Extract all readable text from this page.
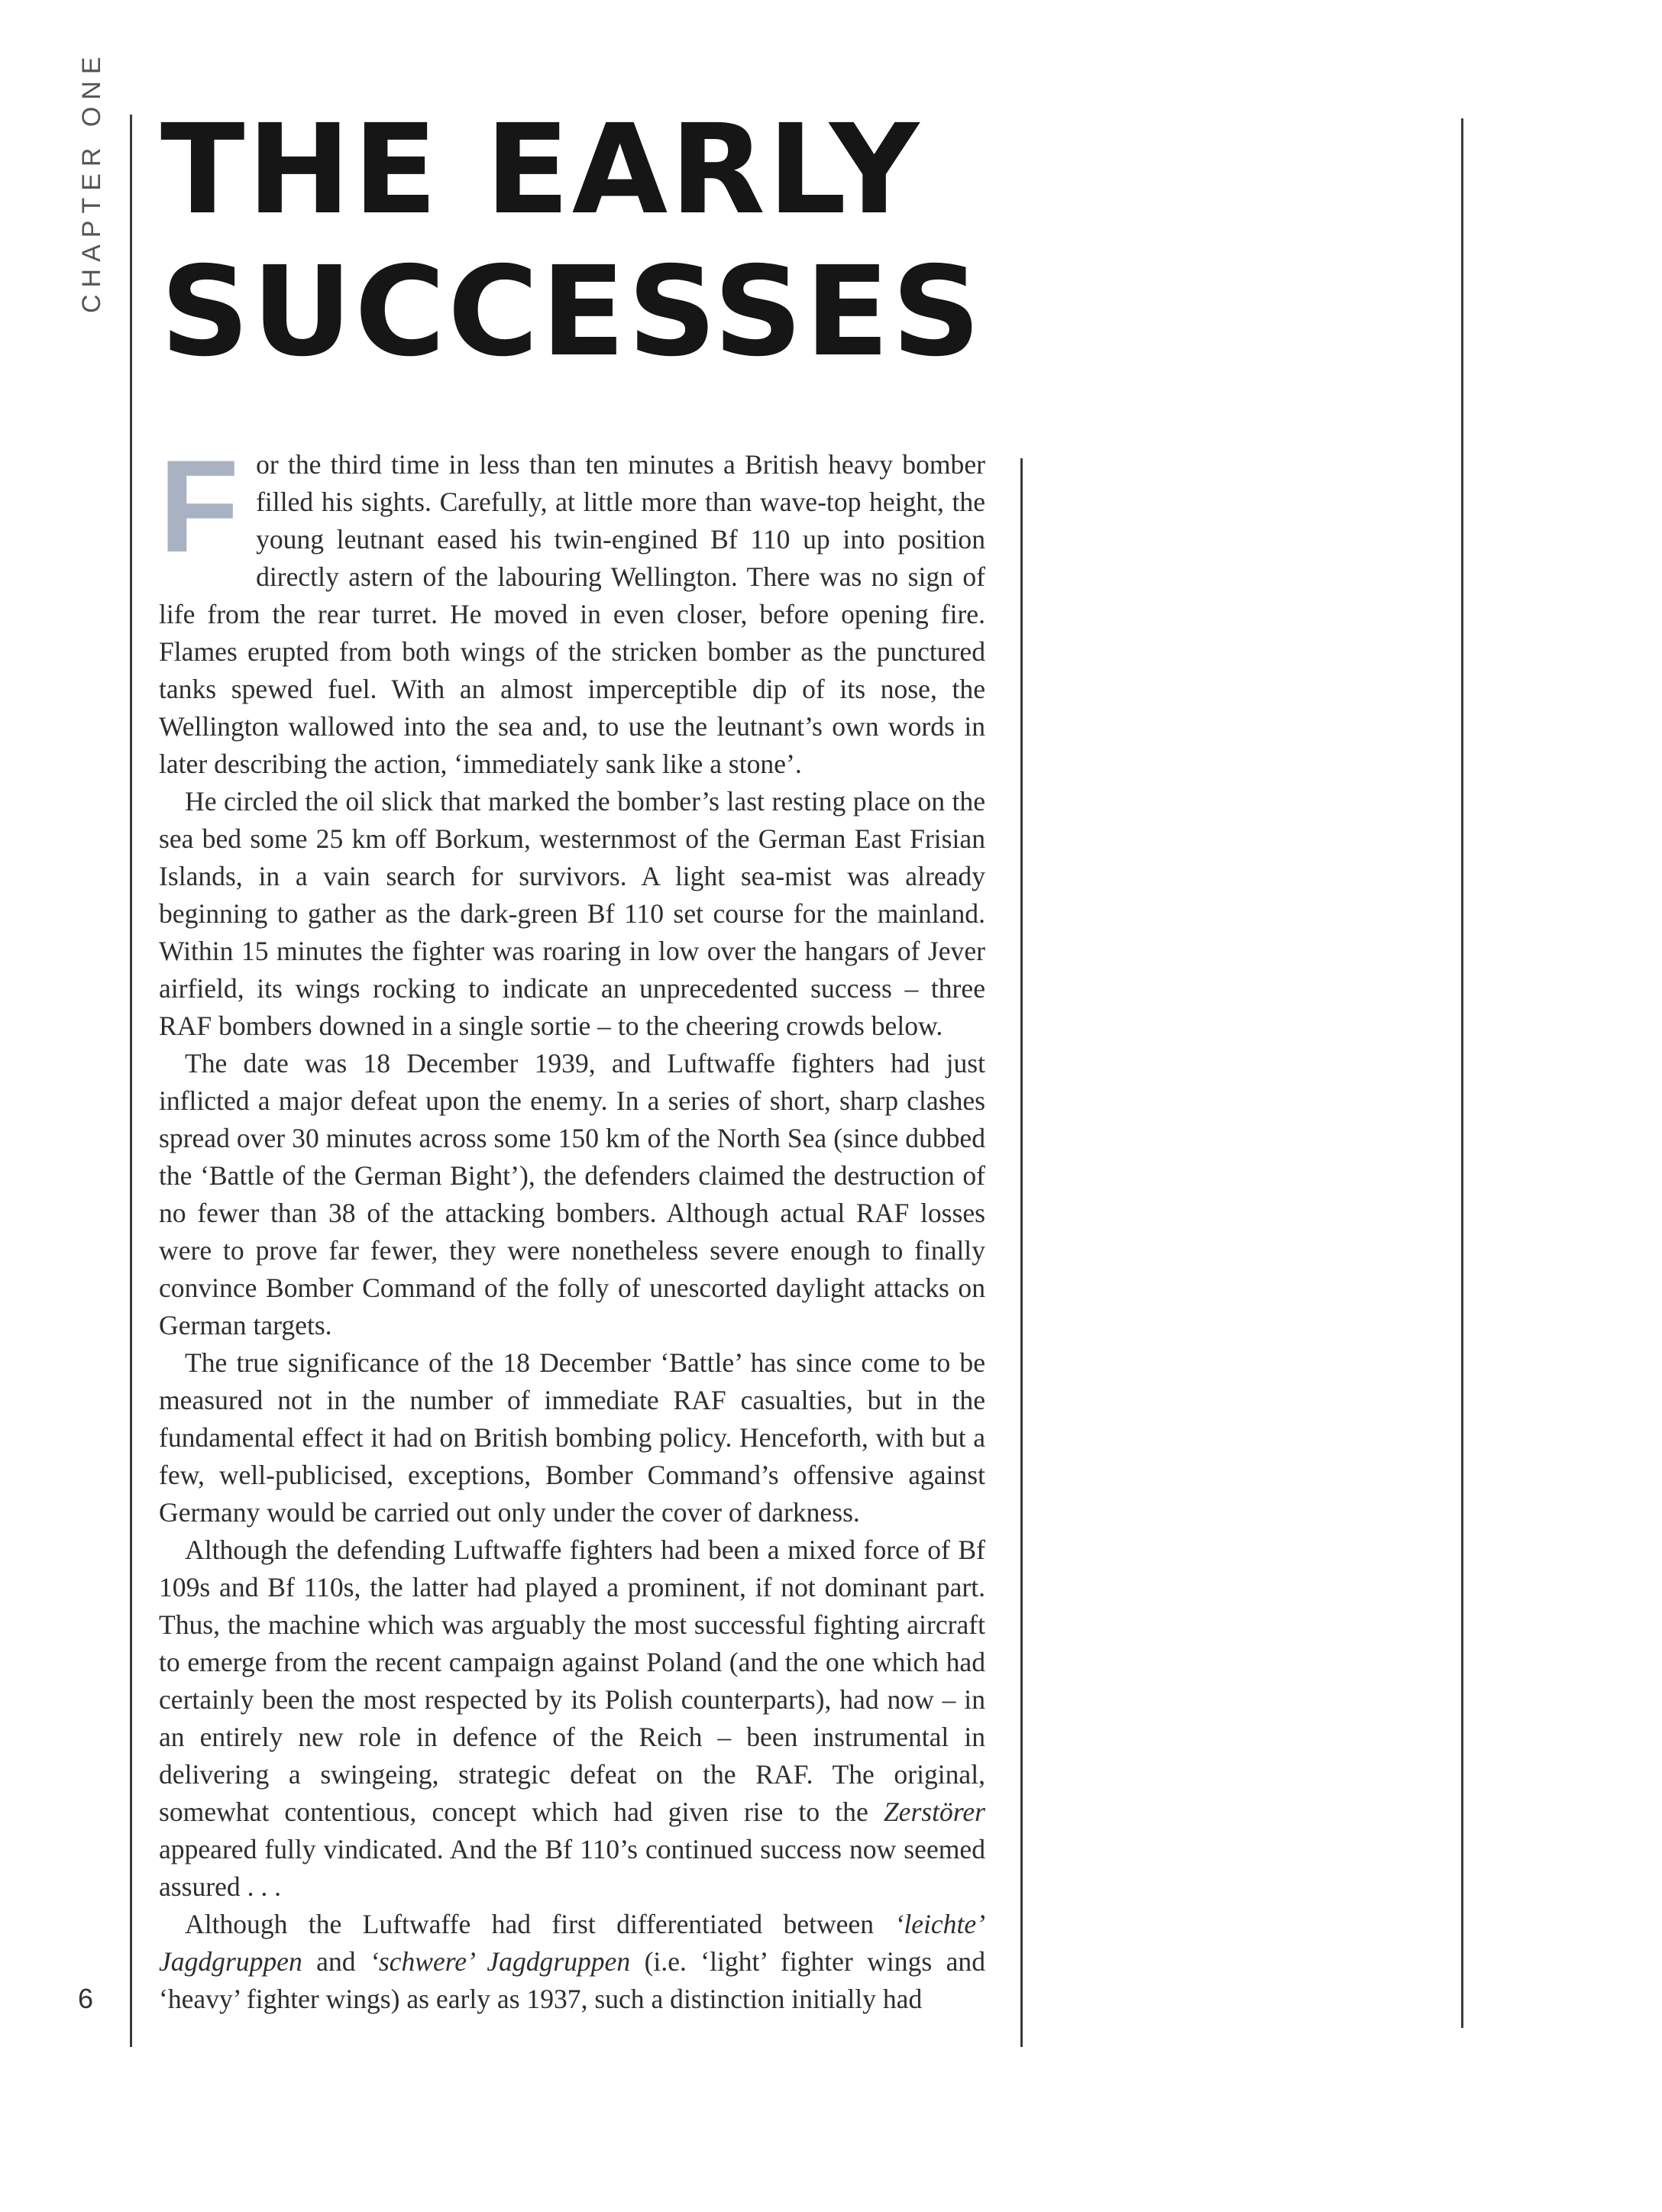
CHAPTER ONE THE EARLY
SUCCESSES

For the third time in less than ten minutes a British heavy bomber filled his sights. Carefully, at little more than wave-top height, the young leutnant eased his twin-engined Bf 110 up into position directly astern of the labouring Wellington. There was no sign of life from the rear turret. He moved in even closer, before opening fire. Flames erupted from both wings of the stricken bomber as the punctured tanks spewed fuel. With an almost imperceptible dip of its nose, the Wellington wallowed into the sea and, to use the leutnant’s own words in later describing the action, ‘immediately sank like a stone’.

He circled the oil slick that marked the bomber’s last resting place on the sea bed some 25 km off Borkum, westernmost of the German East Frisian Islands, in a vain search for survivors. A light sea-mist was already beginning to gather as the dark-green Bf 110 set course for the mainland. Within 15 minutes the fighter was roaring in low over the hangars of Jever airfield, its wings rocking to indicate an unprecedented success – three RAF bombers downed in a single sortie – to the cheering crowds below.

The date was 18 December 1939, and Luftwaffe fighters had just inflicted a major defeat upon the enemy. In a series of short, sharp clashes spread over 30 minutes across some 150 km of the North Sea (since dubbed the ‘Battle of the German Bight’), the defenders claimed the destruction of no fewer than 38 of the attacking bombers. Although actual RAF losses were to prove far fewer, they were nonetheless severe enough to finally convince Bomber Command of the folly of unescorted daylight attacks on German targets.

The true significance of the 18 December ‘Battle’ has since come to be measured not in the number of immediate RAF casualties, but in the fundamental effect it had on British bombing policy. Henceforth, with but a few, well-publicised, exceptions, Bomber Command’s offensive against Germany would be carried out only under the cover of darkness.

Although the defending Luftwaffe fighters had been a mixed force of Bf 109s and Bf 110s, the latter had played a prominent, if not dominant part. Thus, the machine which was arguably the most successful fighting aircraft to emerge from the recent campaign against Poland (and the one which had certainly been the most respected by its Polish counterparts), had now – in an entirely new role in defence of the Reich – been instrumental in delivering a swingeing, strategic defeat on the RAF. The original, somewhat contentious, concept which had given rise to the Zerstörer appeared fully vindicated. And the Bf 110’s continued success now seemed assured . . .

Although the Luftwaffe had first differentiated between ‘leichte’ Jagdgruppen and ‘schwere’ Jagdgruppen (i.e. ‘light’ fighter wings and ‘heavy’ fighter wings) as early as 1937, such a distinction initially had

6
